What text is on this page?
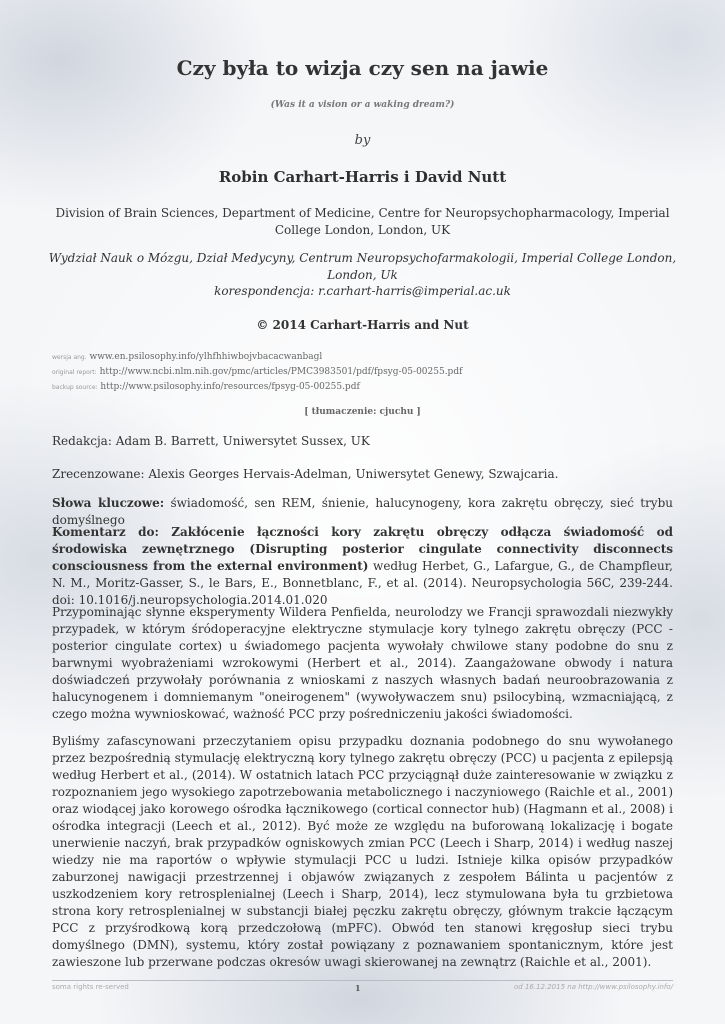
Czy była to wizja czy sen na jawie
(Was it a vision or a waking dream?)
by
Robin Carhart-Harris i David Nutt
Division of Brain Sciences, Department of Medicine, Centre for Neuropsychopharmacology, Imperial College London, London, UK
Wydział Nauk o Mózgu, Dział Medycyny, Centrum Neuropsychofarmakologii, Imperial College London, London, Uk
korespondencja: r.carhart-harris@imperial.ac.uk
© 2014 Carhart-Harris and Nut
wersja ang. www.en.psilosophy.info/ylhfhhiwbojvbacacwanbagl
original report: http://www.ncbi.nlm.nih.gov/pmc/articles/PMC3983501/pdf/fpsyg-05-00255.pdf
backup source: http://www.psilosophy.info/resources/fpsyg-05-00255.pdf
[ tłumaczenie: cjuchu ]
Redakcja: Adam B. Barrett, Uniwersytet Sussex, UK
Zrecenzowane: Alexis Georges Hervais-Adelman, Uniwersytet Genewy, Szwajcaria.
Słowa kluczowe: świadomość, sen REM, śnienie, halucynogeny, kora zakrętu obręczy, sieć trybu domyślnego
Komentarz do: Zakłócenie łączności kory zakrętu obręczy odłącza świadomość od środowiska zewnętrznego (Disrupting posterior cingulate connectivity disconnects consciousness from the external environment) według Herbet, G., Lafargue, G., de Champfleur, N. M., Moritz-Gasser, S., le Bars, E., Bonnetblanc, F., et al. (2014). Neuropsychologia 56C, 239-244. doi: 10.1016/j.neuropsychologia.2014.01.020
Przypominając słynne eksperymenty Wildera Penfielda, neurolodzy we Francji sprawozdali niezwykły przypadek, w którym śródoperacyjne elektryczne stymulacje kory tylnego zakrętu obręczy (PCC - posterior cingulate cortex) u świadomego pacjenta wywołały chwilowe stany podobne do snu z barwnymi wyobrażeniami wzrokowymi (Herbert et al., 2014). Zaangażowane obwody i natura doświadczeń przywołały porównania z wnioskami z naszych własnych badań neuroobrazowania z halucynogenem i domniemanym "oneirogenem" (wywoływaczem snu) psilocybiną, wzmacniającą, z czego można wywnioskować, ważność PCC przy pośredniczeniu jakości świadomości.
Byliśmy zafascynowani przeczytaniem opisu przypadku doznania podobnego do snu wywołanego przez bezpośrednią stymulację elektryczną kory tylnego zakrętu obręczy (PCC) u pacjenta z epilepsją według Herbert et al., (2014). W ostatnich latach PCC przyciągnął duże zainteresowanie w związku z rozpoznaniem jego wysokiego zapotrzebowania metabolicznego i naczyniowego (Raichle et al., 2001) oraz wiodącej jako korowego ośrodka łącznikowego (cortical connector hub) (Hagmann et al., 2008) i ośrodka integracji (Leech et al., 2012). Być może ze względu na buforowaną lokalizację i bogate unerwienie naczyń, brak przypadków ogniskowych zmian PCC (Leech i Sharp, 2014) i według naszej wiedzy nie ma raportów o wpływie stymulacji PCC u ludzi. Istnieje kilka opisów przypadków zaburzonej nawigacji przestrzennej i objawów związanych z zespołem Bálinta u pacjentów z uszkodzeniem kory retrosplenialnej (Leech i Sharp, 2014), lecz stymulowana była tu grzbietowa strona kory retrosplenialnej w substancji białej pęczku zakrętu obręczy, głównym trakcie łączącym PCC z przyśrodkową korą przedczołową (mPFC). Obwód ten stanowi kręgosłup sieci trybu domyślnego (DMN), systemu, który został powiązany z poznawaniem spontanicznym, które jest zawieszone lub przerwane podczas okresów uwagi skierowanej na zewnątrz (Raichle et al., 2001).
soma rights re-served	1	od 16.12.2015 na http://www.psilosophy.info/
